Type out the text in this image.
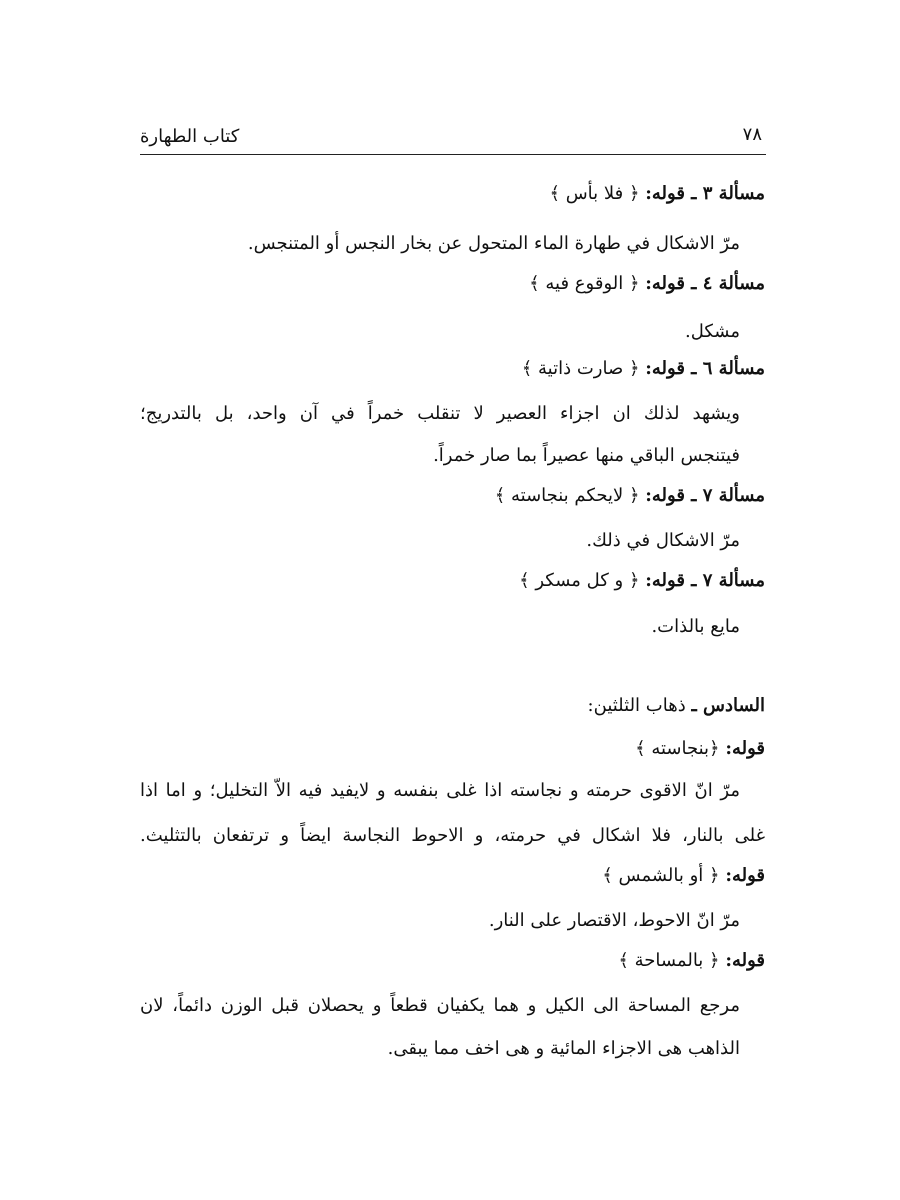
كتاب الطهارة	٧٨
مسألة ٣ ـ قوله: ﴿ فلا بأس ﴾
مرّ الاشكال في طهارة الماء المتحول عن بخار النجس أو المتنجس.
مسألة ٤ ـ قوله: ﴿ الوقوع فيه ﴾
مشكل.
مسألة ٦ ـ قوله: ﴿ صارت ذاتية ﴾
ويشهد لذلك ان اجزاء العصير لا تنقلب خمراً في آن واحد، بل بالتدريج؛
فيتنجس الباقي منها عصيراً بما صار خمراً.
مسألة ٧ ـ قوله: ﴿ لايحكم بنجاسته ﴾
مرّ الاشكال في ذلك.
مسألة ٧ ـ قوله: ﴿ و كل مسكر ﴾
مايع بالذات.
السادس ـ ذهاب الثلثين:
قوله: ﴿بنجاسته ﴾
مرّ انّ الاقوى حرمته و نجاسته اذا غلى بنفسه و لايفيد فيه الاّ التخليل؛ و اما اذا
غلى بالنار، فلا اشكال في حرمته، و الاحوط النجاسة ايضاً و ترتفعان بالتثليث.
قوله: ﴿ أو بالشمس ﴾
مرّ انّ الاحوط، الاقتصار على النار.
قوله: ﴿ بالمساحة ﴾
مرجع المساحة الى الكيل و هما يكفيان قطعاً و يحصلان قبل الوزن دائماً، لان
الذاهب هى الاجزاء المائية و هى اخف مما يبقى.
